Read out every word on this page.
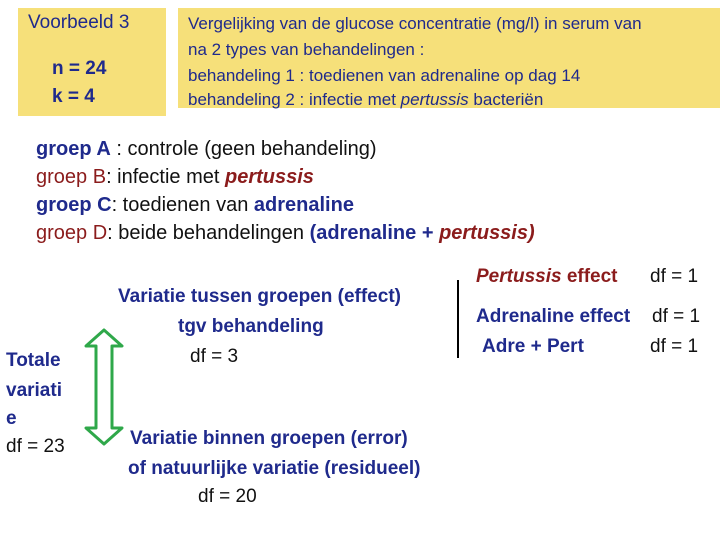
Voorbeeld 3
n = 24
k = 4
Vergelijking van de glucose concentratie (mg/l) in serum van
na 2 types van behandelingen :
behandeling 1 : toedienen van adrenaline op dag 14
behandeling 2 : infectie met pertussis bacteriën
groep A : controle (geen behandeling)
groep B: infectie met pertussis
groep C: toedienen van adrenaline
groep D: beide behandelingen (adrenaline + pertussis)
Variatie tussen groepen (effect)
tgv behandeling
df = 3
Pertussis effect df = 1
Adrenaline effect df = 1
Adre + Pert	df = 1
Totale
variati
e
df = 23	Variatie binnen groepen (error)
of natuurlijke variatie (residueel)
df = 20
